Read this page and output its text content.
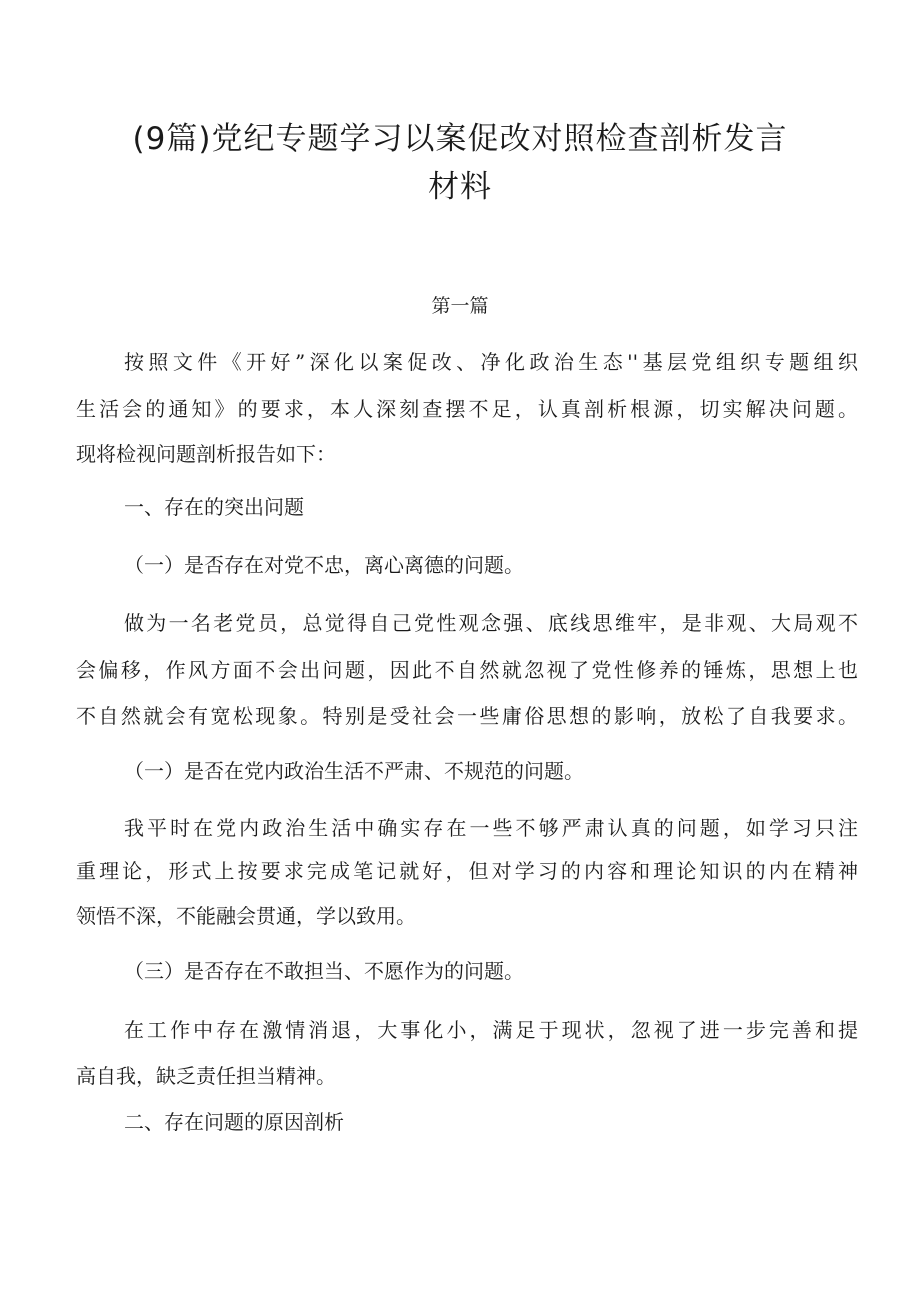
(9篇)党纪专题学习以案促改对照检查剖析发言
材料
第一篇
按照文件《开好”深化以案促改、净化政治生态''基层党组织专题组织
生活会的通知》的要求，本人深刻查摆不足，认真剖析根源，切实解决问题。
现将检视问题剖析报告如下：
一、存在的突出问题
（一）是否存在对党不忠，离心离德的问题。
做为一名老党员，总觉得自己党性观念强、底线思维牢，是非观、大局观不
会偏移，作风方面不会出问题，因此不自然就忽视了党性修养的锤炼，思想上也
不自然就会有宽松现象。特别是受社会一些庸俗思想的影响，放松了自我要求。
（一）是否在党内政治生活不严肃、不规范的问题。
我平时在党内政治生活中确实存在一些不够严肃认真的问题，如学习只注
重理论，形式上按要求完成笔记就好，但对学习的内容和理论知识的内在精神
领悟不深，不能融会贯通，学以致用。
（三）是否存在不敢担当、不愿作为的问题。
在工作中存在激情消退，大事化小，满足于现状，忽视了进一步完善和提
高自我，缺乏责任担当精神。
二、存在问题的原因剖析
